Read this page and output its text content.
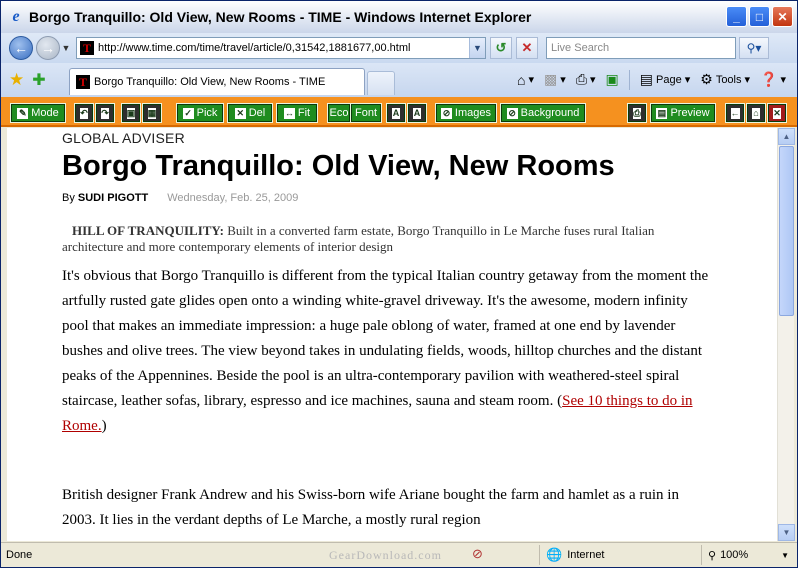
e Borgo Tranquillo: Old View, New Rooms - TIME - Windows Internet Explorer	_	□	✕
← → ▼ T http://www.time.com/time/travel/article/0,31542,1881677,00.html	▼	↺	✕	Live Search	⚲ ▾
★ ✚	T Borgo Tranquillo: Old View, New Rooms - TIME	⌂ ▾ ▩ ▾ ⎙ ▾ ▣ ▤ Page ▾ ⚙ Tools ▾ ❓ ▾
✎ Mode ↶ ↷ ▣ ▦	✓ Pick ✕ Del ↔ Fit Eco Font A A ⊘ Images ⊘ Background	⎙ ▤ Preview ← ⌂ ✕
GLOBAL ADVISER
Borgo Tranquillo: Old View, New Rooms
By SUDI PIGOTT Wednesday, Feb. 25, 2009
HILL OF TRANQUILITY: Built in a converted farm estate, Borgo Tranquillo in Le Marche fuses rural Italian architecture and more contemporary elements of interior design
It's obvious that Borgo Tranquillo is different from the typical Italian country getaway from the moment the artfully rusted gate glides open onto a winding white-gravel driveway. It's the awesome, modern infinity pool that makes an immediate impression: a huge pale oblong of water, framed at one end by lavender bushes and olive trees. The view beyond takes in undulating fields, woods, hilltop churches and the distant peaks of the Appennines. Beside the pool is an ultra-contemporary pavilion with weathered-steel spiral staircase, leather sofas, library, espresso and ice machines, sauna and steam room. (See 10 things to do in Rome.)
British designer Frank Andrew and his Swiss-born wife Ariane bought the farm and hamlet as a ruin in 2003. It lies in the verdant depths of Le Marche, a mostly rural region
▲
▼
Done	GearDownload.com ⊘	🌐 Internet	⚲ 100%	▼
